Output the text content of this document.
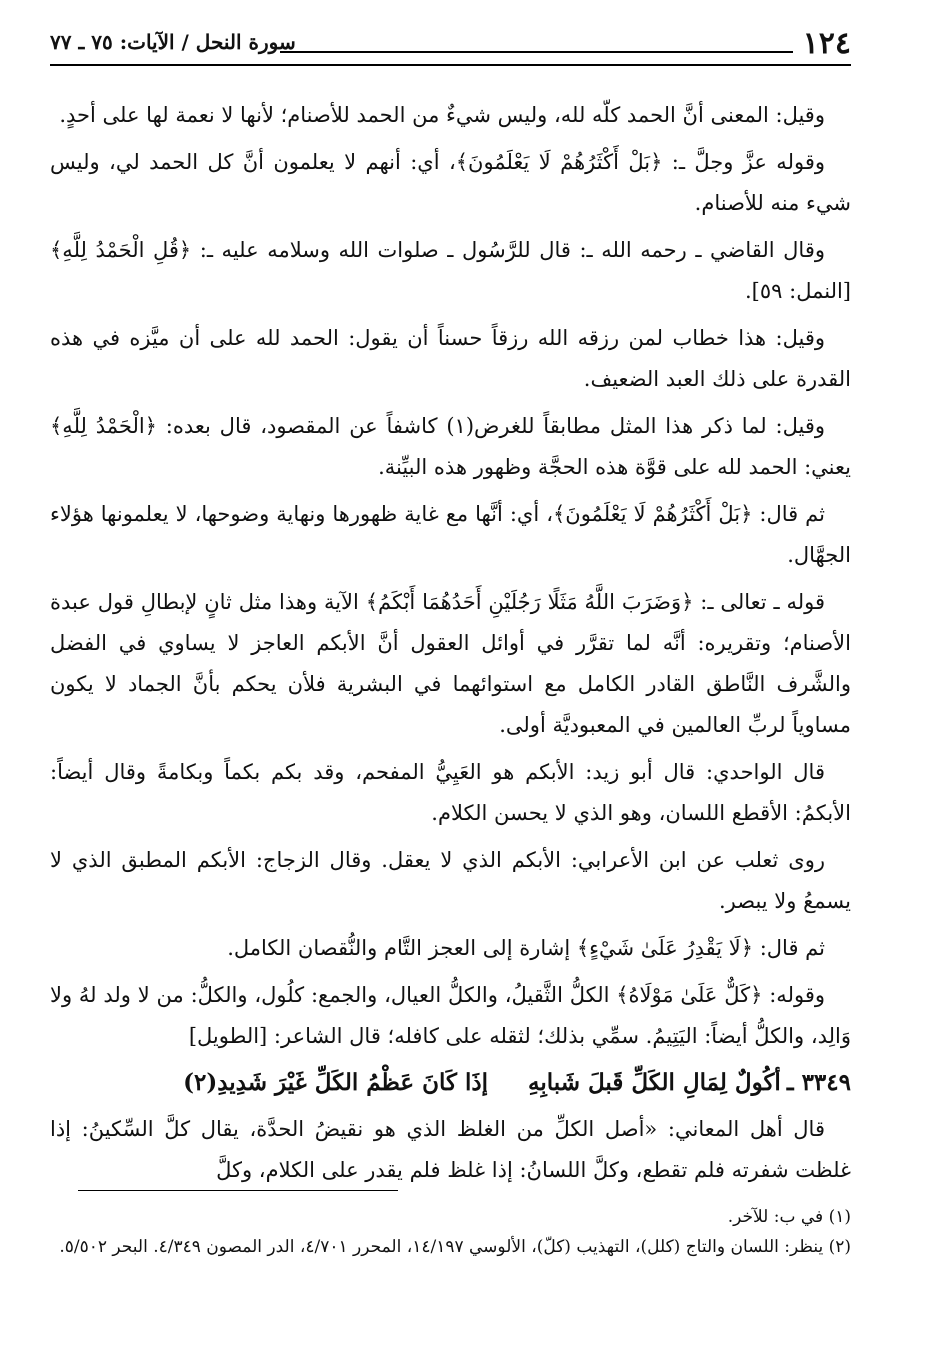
١٢٤
سورة النحل / الآيات: ٧٥ ـ ٧٧

وقيل: المعنى أنَّ الحمد كلّه لله، وليس شيءٌ من الحمد للأصنام؛ لأنها لا نعمة لها على أحدٍ.

وقوله عزَّ وجلَّ ـ: ﴿بَلْ أَكْثَرُهُمْ لَا يَعْلَمُونَ﴾، أي: أنهم لا يعلمون أنَّ كل الحمد لي، وليس شيء منه للأصنام.

وقال القاضي ـ رحمه الله ـ: قال للرَّسُول ـ صلوات الله وسلامه عليه ـ: ﴿قُلِ الْحَمْدُ لِلَّهِ﴾ [النمل: ٥٩].

وقيل: هذا خطاب لمن رزقه الله رزقاً حسناً أن يقول: الحمد لله على أن ميَّزه في هذه القدرة على ذلك العبد الضعيف.

وقيل: لما ذكر هذا المثل مطابقاً للغرض(١) كاشفاً عن المقصود، قال بعده: ﴿الْحَمْدُ لِلَّهِ﴾ يعني: الحمد لله على قوَّة هذه الحجَّة وظهور هذه البيِّنة.

ثم قال: ﴿بَلْ أَكْثَرُهُمْ لَا يَعْلَمُونَ﴾، أي: أنَّها مع غاية ظهورها ونهاية وضوحها، لا يعلمونها هؤلاء الجهَّال.

قوله ـ تعالى ـ: ﴿وَضَرَبَ اللَّهُ مَثَلًا رَجُلَيْنِ أَحَدُهُمَا أَبْكَمُ﴾ الآية وهذا مثل ثانٍ لإبطالِ قول عبدة الأصنام؛ وتقريره: أنَّه لما تقرَّر في أوائل العقول أنَّ الأبكم العاجز لا يساوي في الفضل والشَّرف النَّاطق القادر الكامل مع استوائهما في البشرية فلأن يحكم بأنَّ الجماد لا يكون مساوياً لربِّ العالمين في المعبوديَّة أولى.

قال الواحدي: قال أبو زيد: الأبكم هو العَيِيُّ المفحم، وقد بكم بكماً وبكامةً وقال أيضاً: الأبكمُ: الأقطع اللسان، وهو الذي لا يحسن الكلام.

روى ثعلب عن ابن الأعرابي: الأبكم الذي لا يعقل. وقال الزجاج: الأبكم المطبق الذي لا يسمعُ ولا يبصر.

ثم قال: ﴿لَا يَقْدِرُ عَلَىٰ شَيْءٍ﴾ إشارة إلى العجز التَّام والنُّقصان الكامل.

وقوله: ﴿كَلٌّ عَلَىٰ مَوْلَاهُ﴾ الكلُّ الثَّقيلُ، والكلُّ العيال، والجمع: كلُول، والكلُّ: من لا ولد لهُ ولا وَالِد، والكلُّ أيضاً: اليَتِيمُ. سمِّي بذلك؛ لثقله على كافله؛ قال الشاعر: [الطويل]

٣٣٤٩ ـ
أكُولٌ لِمَالِ الكَلِّ قَبلَ شَبابِهِ
إذَا كَانَ عَظْمُ الكَلِّ غَيْرَ شَدِيدِ(٢)

قال أهل المعاني: «أصل الكلِّ من الغلظ الذي هو نقيضُ الحدَّة، يقال كلَّ السِّكينُ: إذا غلظت شفرته فلم تقطع، وكلَّ اللسانُ: إذا غلظ فلم يقدر على الكلام، وكلَّ

(١) في ب: للآخر.

(٢) ينظر: اللسان والتاج (كلل)، التهذيب (كلّ)، الألوسي ١٤/١٩٧، المحرر ٤/٧٠١، الدر المصون ٤/٣٤٩. البحر ٥/٥٠٢.
